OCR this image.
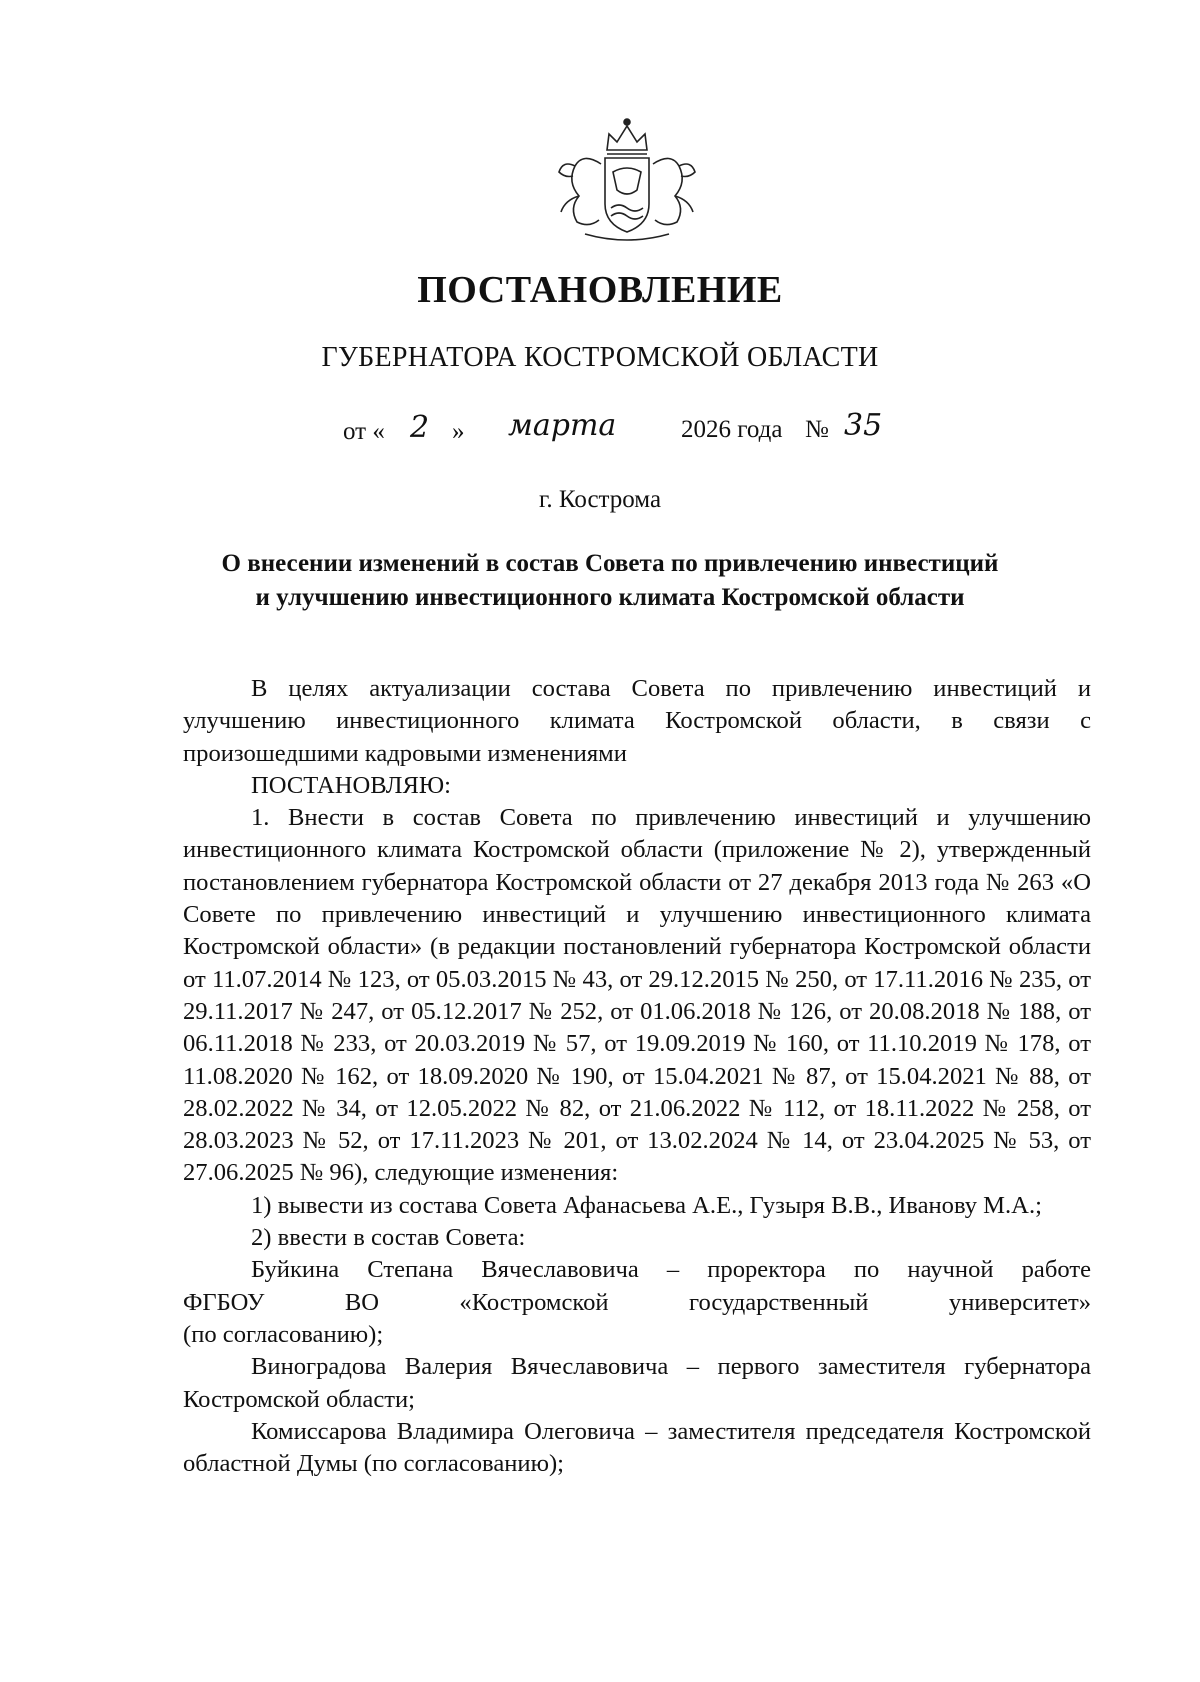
ПОСТАНОВЛЕНИЕ
ГУБЕРНАТОРА КОСТРОМСКОЙ ОБЛАСТИ
от « 2 » марта	2026 года № 35
г. Кострома
О внесении изменений в состав Совета по привлечению инвестиций
и улучшению инвестиционного климата Костромской области

В целях актуализации состава Совета по привлечению инвестиций и улучшению инвестиционного климата Костромской области, в связи с произошедшими кадровыми изменениями

ПОСТАНОВЛЯЮ:

1. Внести в состав Совета по привлечению инвестиций и улучшению инвестиционного климата Костромской области (приложение № 2), утвержденный постановлением губернатора Костромской области от 27 декабря 2013 года № 263 «О Совете по привлечению инвестиций и улучшению инвестиционного климата Костромской области» (в редакции постановлений губернатора Костромской области от 11.07.2014 № 123, от 05.03.2015 № 43, от 29.12.2015 № 250, от 17.11.2016 № 235, от 29.11.2017 № 247, от 05.12.2017 № 252, от 01.06.2018 № 126, от 20.08.2018 № 188, от 06.11.2018 № 233, от 20.03.2019 № 57, от 19.09.2019 № 160, от 11.10.2019 № 178, от 11.08.2020 № 162, от 18.09.2020 № 190, от 15.04.2021 № 87, от 15.04.2021 № 88, от 28.02.2022 № 34, от 12.05.2022 № 82, от 21.06.2022 № 112, от 18.11.2022 № 258, от 28.03.2023 № 52, от 17.11.2023 № 201, от 13.02.2024 № 14, от 23.04.2025 № 53, от 27.06.2025 № 96), следующие изменения:

1) вывести из состава Совета Афанасьева А.Е., Гузыря В.В., Иванову М.А.;

2) ввести в состав Совета:

Буйкина Степана Вячеславовича – проректора по научной работе

ФГБОУ	ВО	«Костромской	государственный	университет»

(по согласованию);

Виноградова Валерия Вячеславовича – первого заместителя губернатора Костромской области;

Комиссарова Владимира Олеговича – заместителя председателя Костромской областной Думы (по согласованию);
